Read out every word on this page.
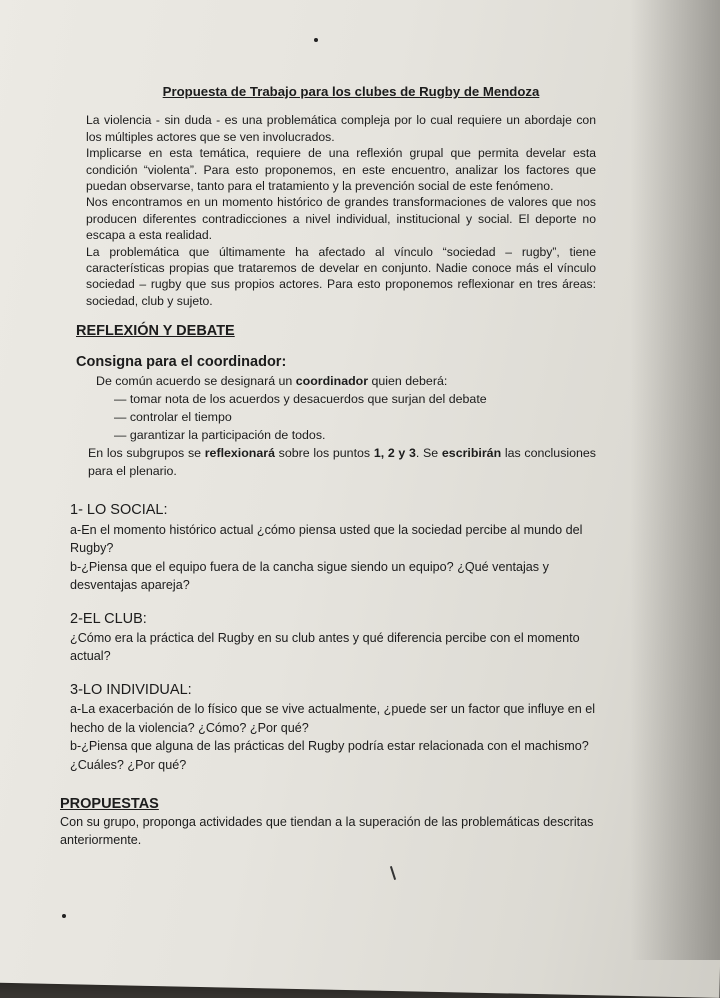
Propuesta de Trabajo para los clubes de Rugby de Mendoza

La violencia - sin duda - es una problemática compleja por lo cual requiere un abordaje con los múltiples actores que se ven involucrados.

Implicarse en esta temática, requiere de una reflexión grupal que permita develar esta condición “violenta”. Para esto proponemos, en este encuentro, analizar los factores que puedan observarse, tanto para el tratamiento y la prevención social de este fenómeno.

Nos encontramos en un momento histórico de grandes transformaciones de valores que nos producen diferentes contradicciones a nivel individual, institucional y social. El deporte no escapa a esta realidad.

La problemática que últimamente ha afectado al vínculo “sociedad – rugby”, tiene características propias que trataremos de develar en conjunto. Nadie conoce más el vínculo sociedad – rugby que sus propios actores. Para esto proponemos reflexionar en tres áreas: sociedad, club y sujeto.

REFLEXIÓN Y DEBATE
Consigna para el coordinador:
De común acuerdo se designará un coordinador quien deberá:
— tomar nota de los acuerdos y desacuerdos que surjan del debate
— controlar el tiempo
— garantizar la participación de todos.

En los subgrupos se reflexionará sobre los puntos 1, 2 y 3. Se escribirán las conclusiones para el plenario.

1- LO SOCIAL:

a-En el momento histórico actual ¿cómo piensa usted que la sociedad percibe al mundo del Rugby?

b-¿Piensa que el equipo fuera de la cancha sigue siendo un equipo? ¿Qué ventajas y desventajas apareja?

2-EL CLUB:

¿Cómo era la práctica del Rugby en su club antes y qué diferencia percibe con el momento actual?

3-LO INDIVIDUAL:

a-La exacerbación de lo físico que se vive actualmente, ¿puede ser un factor que influye en el hecho de la violencia? ¿Cómo? ¿Por qué?

b-¿Piensa que alguna de las prácticas del Rugby podría estar relacionada con el machismo? ¿Cuáles? ¿Por qué?

PROPUESTAS

Con su grupo, proponga actividades que tiendan a la superación de las problemáticas descritas anteriormente.
